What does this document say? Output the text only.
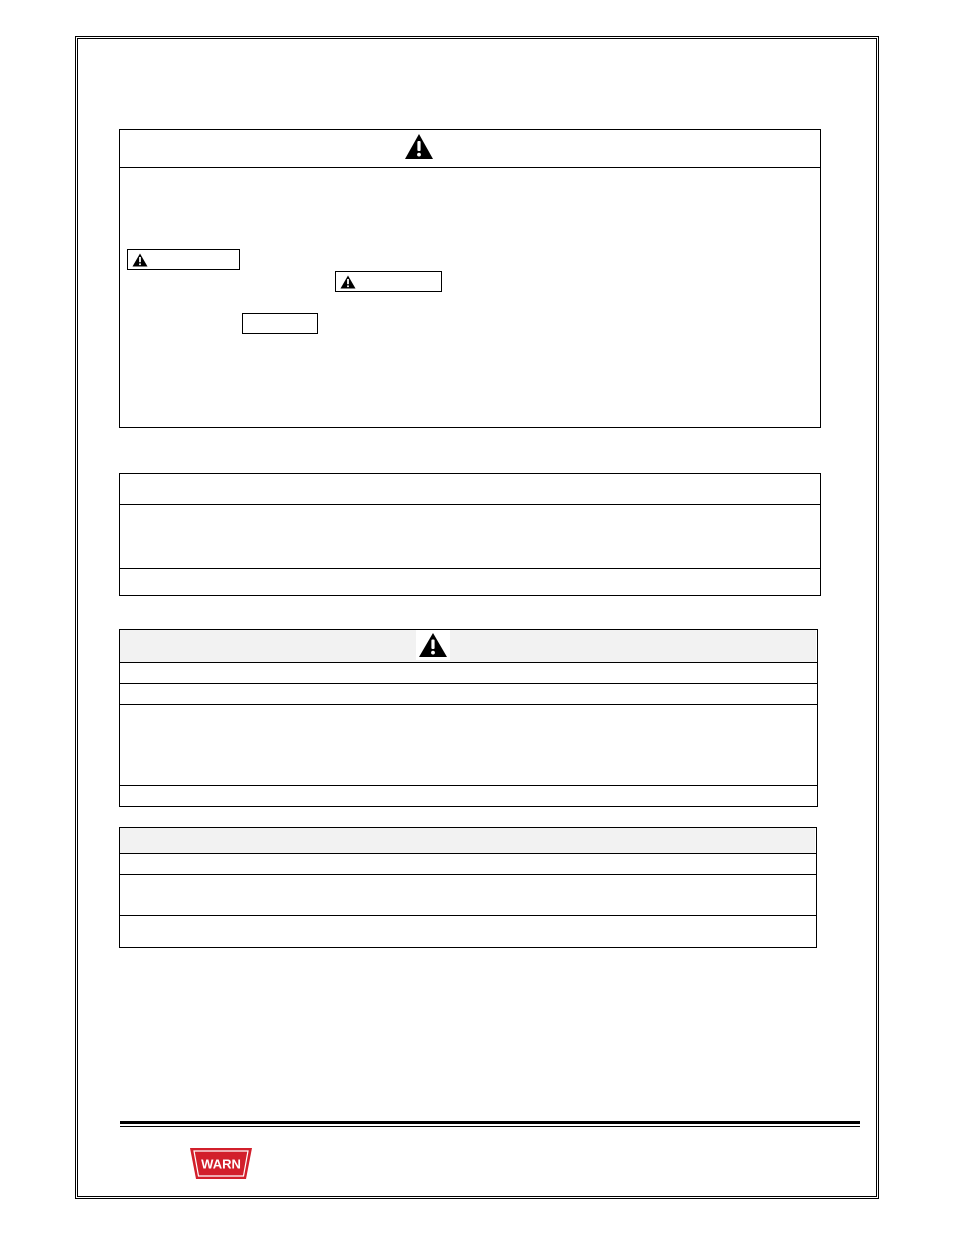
WARN
